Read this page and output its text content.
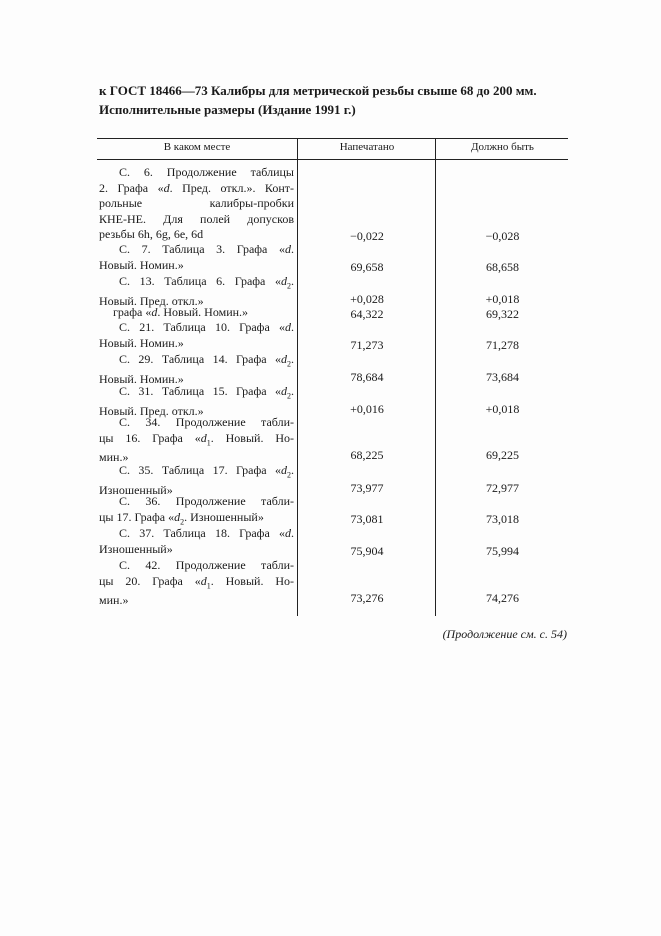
к ГОСТ 18466—73 Калибры для метрической резьбы свыше 68 до 200 мм.
Исполнительные размеры (Издание 1991 г.)
В каком месте	Напечатано	Должно быть
С. 6. Продолжение таблицы
2. Графа «d. Пред. откл.». Конт-
рольные калибры-пробки
КНЕ-НЕ. Для полей допусков
резьбы 6h, 6g, 6e, 6d	−0,022	−0,028
С. 7. Таблица 3. Графа «d.
Новый. Номин.»	69,658	68,658
С. 13. Таблица 6. Графа «$d_2$.
Новый. Пред. откл.»	+0,028	+0,018
графа «d. Новый. Номин.»	64,322	69,322
С. 21. Таблица 10. Графа «d.
Новый. Номин.»	71,273	71,278
С. 29. Таблица 14. Графа «$d_2$.
Новый. Номин.»	78,684	73,684
С. 31. Таблица 15. Графа «$d_2$.
Новый. Пред. откл.»	+0,016	+0,018
С. 34. Продолжение табли-
цы 16. Графа «$d_1$. Новый. Но-
мин.»	68,225	69,225
С. 35. Таблица 17. Графа «$d_2$.
Изношенный»	73,977	72,977
С. 36. Продолжение табли-
цы 17. Графа «$d_2$. Изношенный»	73,081	73,018
С. 37. Таблица 18. Графа «d.
Изношенный»	75,904	75,994
С. 42. Продолжение табли-
цы 20. Графа «$d_1$. Новый. Но-
мин.»	73,276	74,276
(Продолжение см. с. 54)
